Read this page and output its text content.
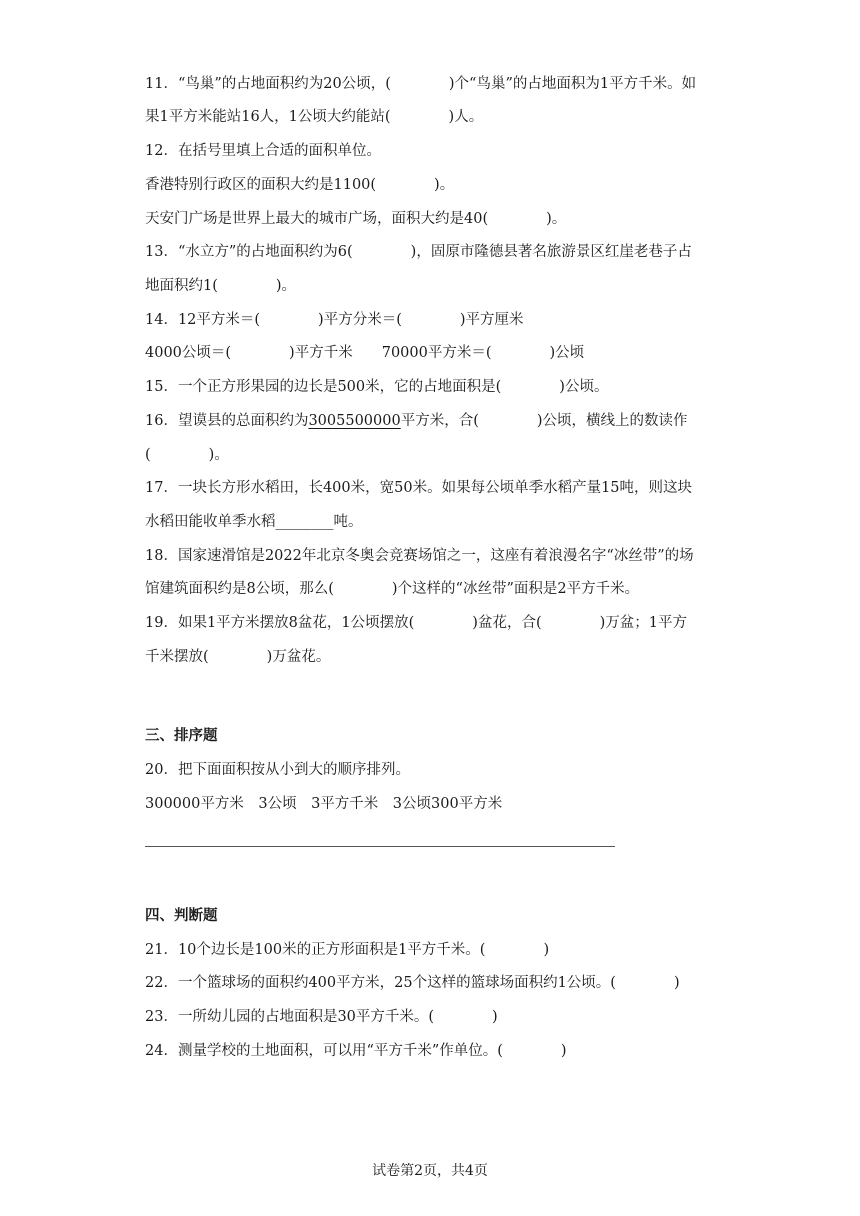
11．“鸟巢”的占地面积约为20公顷，(　　　　)个“鸟巢”的占地面积为1平方千米。如
果1平方米能站16人，1公顷大约能站(　　　　)人。
12．在括号里填上合适的面积单位。
香港特别行政区的面积大约是1100(　　　　)。
天安门广场是世界上最大的城市广场，面积大约是40(　　　　)。
13．“水立方”的占地面积约为6(　　　　)，固原市隆德县著名旅游景区红崖老巷子占
地面积约1(　　　　)。
14．12平方米＝(　　　　)平方分米＝(　　　　)平方厘米
4000公顷＝(　　　　)平方千米　　70000平方米＝(　　　　)公顷
15．一个正方形果园的边长是500米，它的占地面积是(　　　　)公顷。
16．望谟县的总面积约为3005500000平方米，合(　　　　)公顷，横线上的数读作
(　　　　)。
17．一块长方形水稻田，长400米，宽50米。如果每公顷单季水稻产量15吨，则这块
水稻田能收单季水稻________吨。
18．国家速滑馆是2022年北京冬奥会竞赛场馆之一，这座有着浪漫名字“冰丝带”的场
馆建筑面积约是8公顷，那么(　　　　)个这样的“冰丝带”面积是2平方千米。
19．如果1平方米摆放8盆花，1公顷摆放(　　　　)盆花，合(　　　　)万盆；1平方
千米摆放(　　　　)万盆花。
三、排序题
20．把下面面积按从小到大的顺序排列。
300000平方米　3公顷　3平方千米　3公顷300平方米
四、判断题
21．10个边长是100米的正方形面积是1平方千米。(　　　　)
22．一个篮球场的面积约400平方米，25个这样的篮球场面积约1公顷。(　　　　)
23．一所幼儿园的占地面积是30平方千米。(　　　　)
24．测量学校的土地面积，可以用“平方千米”作单位。(　　　　)
试卷第2页，共4页
